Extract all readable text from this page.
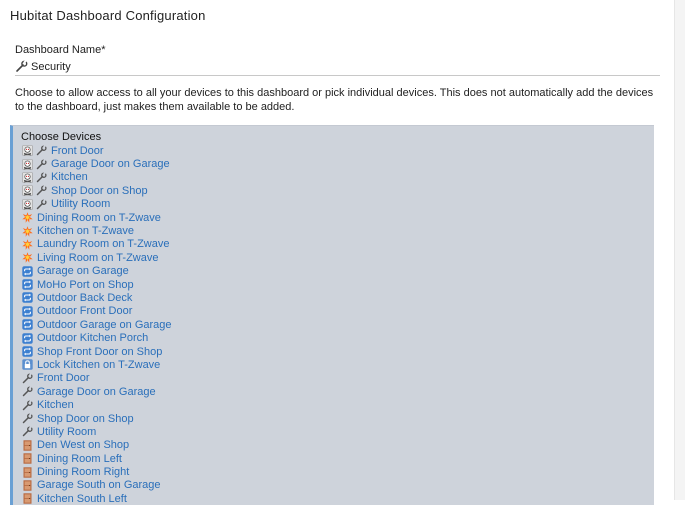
Hubitat Dashboard Configuration
Dashboard Name*
Security
Choose to allow access to all your devices to this dashboard or pick individual devices. This does not automatically add the devices to the dashboard, just makes them available to be added.
Choose Devices
Front Door
Garage Door on Garage
Kitchen
Shop Door on Shop
Utility Room
Dining Room on T-Zwave
Kitchen on T-Zwave
Laundry Room on T-Zwave
Living Room on T-Zwave
Garage on Garage
MoHo Port on Shop
Outdoor Back Deck
Outdoor Front Door
Outdoor Garage on Garage
Outdoor Kitchen Porch
Shop Front Door on Shop
Lock Kitchen on T-Zwave
Front Door
Garage Door on Garage
Kitchen
Shop Door on Shop
Utility Room
Den West on Shop
Dining Room Left
Dining Room Right
Garage South on Garage
Kitchen South Left
